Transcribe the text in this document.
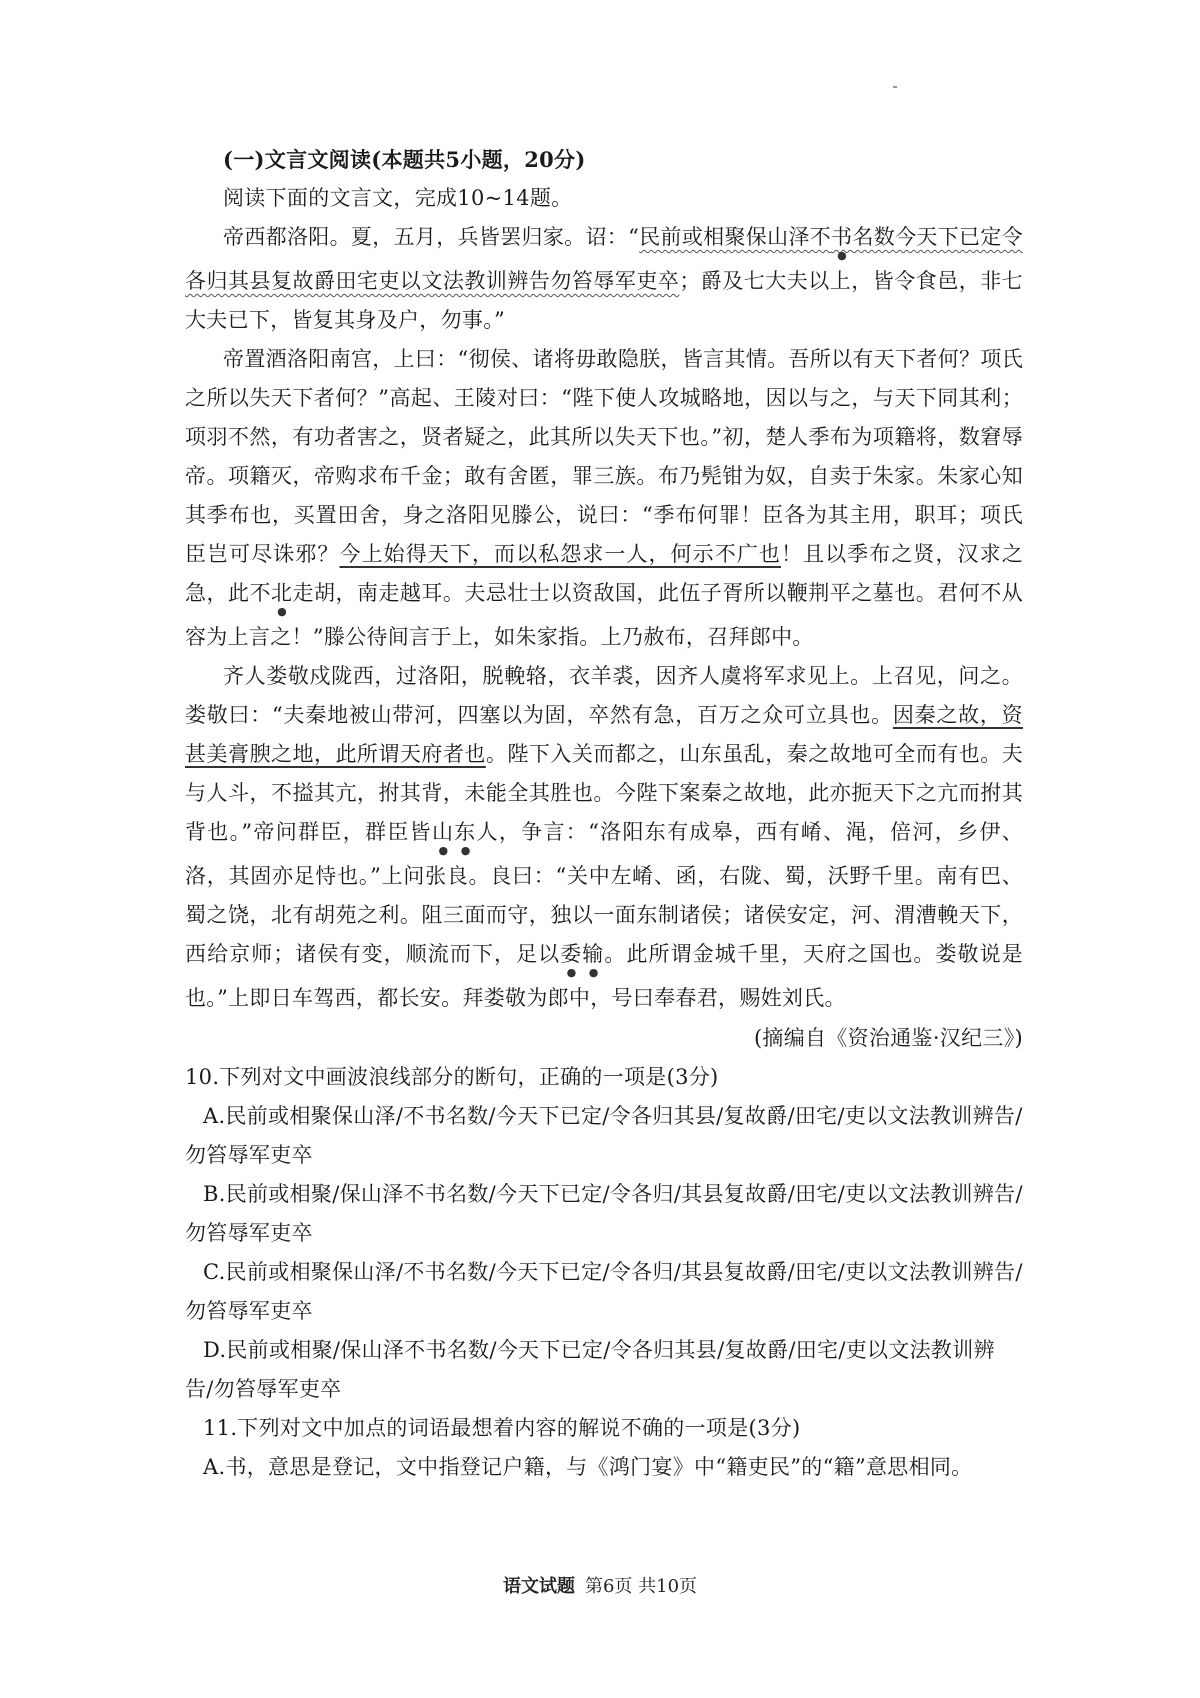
(一)文言文阅读(本题共5小题，20分)

阅读下面的文言文，完成10~14题。

帝西都洛阳。夏，五月，兵皆罢归家。诏：“民前或相聚保山泽不书名数今天下已定令各归其县复故爵田宅吏以文法教训辨告勿笞辱军吏卒；爵及七大夫以上，皆令食邑，非七大夫已下，皆复其身及户，勿事。”

帝置酒洛阳南宫，上曰：“彻侯、诸将毋敢隐朕，皆言其情。吾所以有天下者何？项氏之所以失天下者何？”高起、王陵对曰：“陛下使人攻城略地，因以与之，与天下同其利；项羽不然，有功者害之，贤者疑之，此其所以失天下也。”初，楚人季布为项籍将，数窘辱帝。项籍灭，帝购求布千金；敢有舍匿，罪三族。布乃髡钳为奴，自卖于朱家。朱家心知其季布也，买置田舍，身之洛阳见滕公，说曰：“季布何罪！臣各为其主用，职耳；项氏臣岂可尽诛邪？今上始得天下，而以私怨求一人，何示不广也！且以季布之贤，汉求之急，此不北走胡，南走越耳。夫忌壮士以资敌国，此伍子胥所以鞭荆平之墓也。君何不从容为上言之！”滕公待间言于上，如朱家指。上乃赦布，召拜郎中。

齐人娄敬戍陇西，过洛阳，脱輓辂，衣羊裘，因齐人虞将军求见上。上召见，问之。娄敬曰：“夫秦地被山带河，四塞以为固，卒然有急，百万之众可立具也。因秦之故，资甚美膏腴之地，此所谓天府者也。陛下入关而都之，山东虽乱，秦之故地可全而有也。夫与人斗，不搤其亢，拊其背，未能全其胜也。今陛下案秦之故地，此亦扼天下之亢而拊其背也。”帝问群臣，群臣皆山东人，争言：“洛阳东有成皋，西有崤、渑，倍河，乡伊、洛，其固亦足恃也。”上问张良。良曰：“关中左崤、函，右陇、蜀，沃野千里。南有巴、蜀之饶，北有胡苑之利。阻三面而守，独以一面东制诸侯；诸侯安定，河、渭漕輓天下，西给京师；诸侯有变，顺流而下，足以委输。此所谓金城千里，天府之国也。娄敬说是也。”上即日车驾西，都长安。拜娄敬为郎中，号曰奉春君，赐姓刘氏。

(摘编自《资治通鉴·汉纪三》)

10.下列对文中画波浪线部分的断句，正确的一项是(3分)

A.民前或相聚保山泽/不书名数/今天下已定/令各归其县/复故爵/田宅/吏以文法教训辨告/勿笞辱军吏卒

B.民前或相聚/保山泽不书名数/今天下已定/令各归/其县复故爵/田宅/吏以文法教训辨告/勿笞辱军吏卒

C.民前或相聚保山泽/不书名数/今天下已定/令各归/其县复故爵/田宅/吏以文法教训辨告/勿笞辱军吏卒

D.民前或相聚/保山泽不书名数/今天下已定/令各归其县/复故爵/田宅/吏以文法教训辨告/勿笞辱军吏卒

11.下列对文中加点的词语最想着内容的解说不确的一项是(3分)

A.书，意思是登记，文中指登记户籍，与《鸿门宴》中“籍吏民”的“籍”意思相同。

语文试题 第6页 共10页
